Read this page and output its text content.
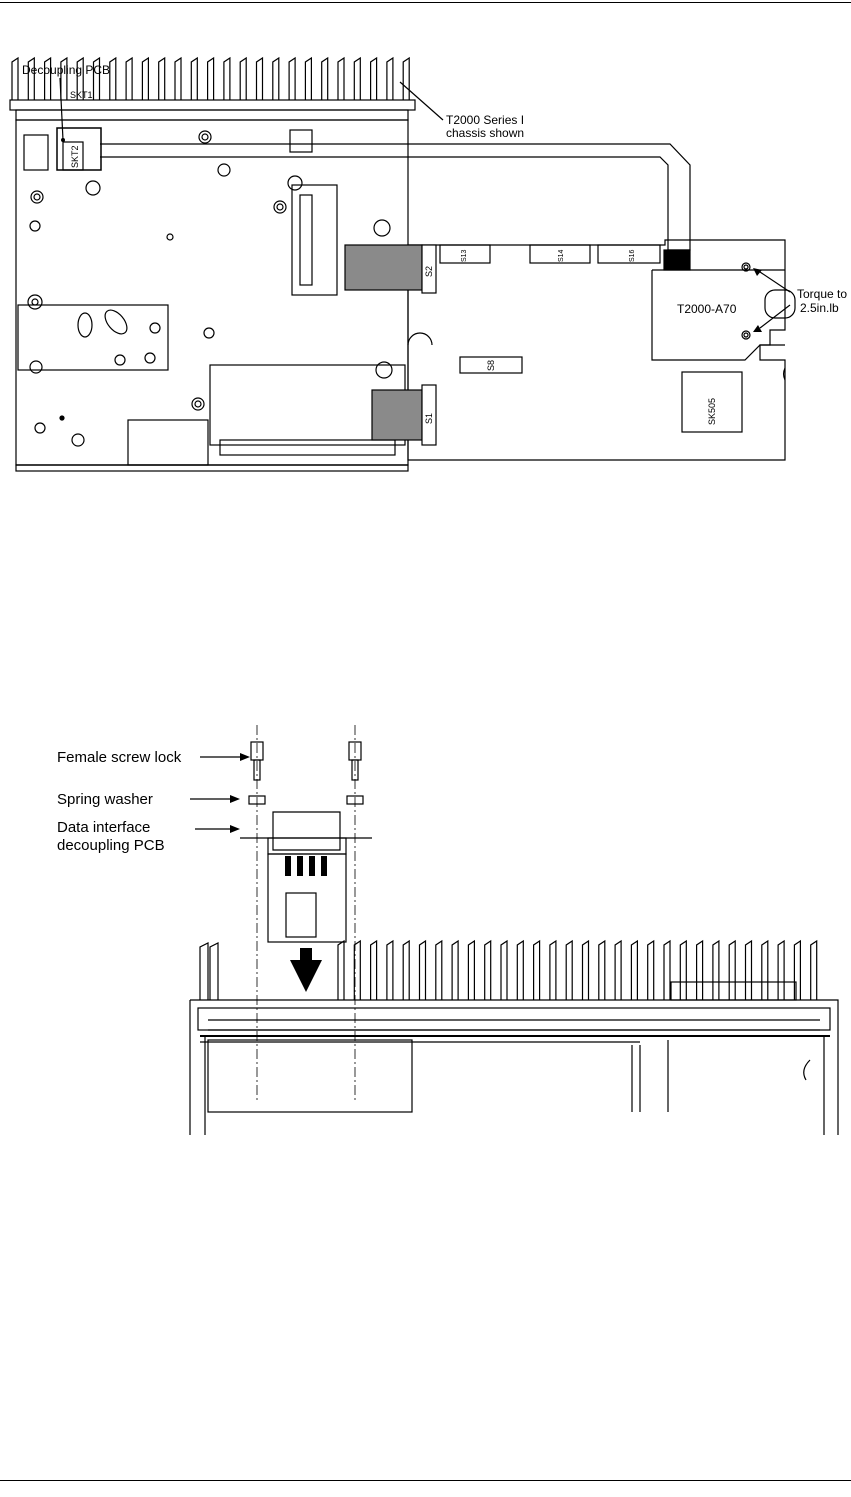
Decoupling PCB
SKT1
SKT2
T2000 Series I
chassis shown
S2
S1
S13	S14	S16
S8
SK505
T2000-A70
Torque to
2.5in.lb
Female screw lock
Spring washer
Data interface
decoupling PCB
